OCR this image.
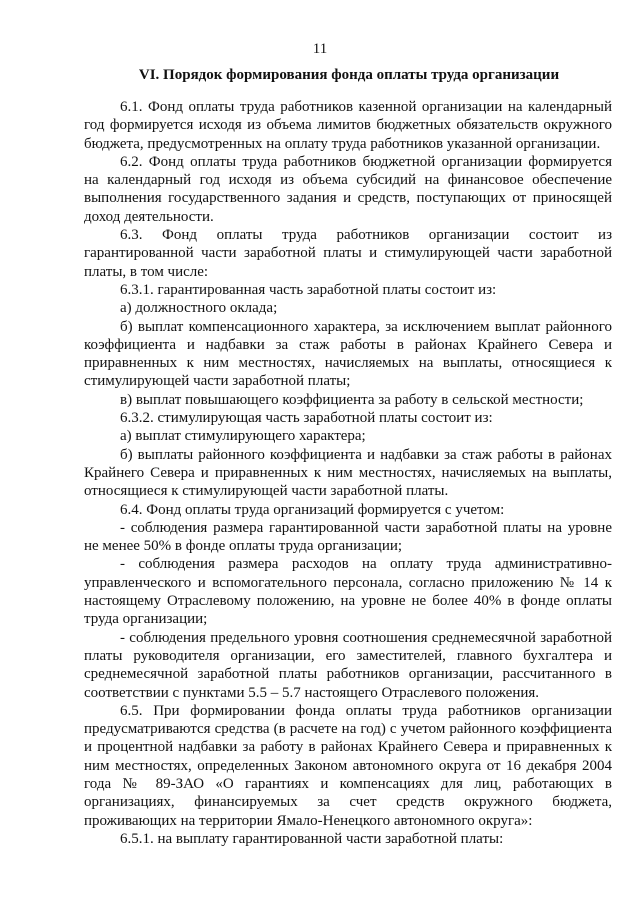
11
VI. Порядок формирования фонда оплаты труда организации

6.1. Фонд оплаты труда работников казенной организации на календарный год формируется исходя из объема лимитов бюджетных обязательств окружного бюджета, предусмотренных на оплату труда работников указанной организации.

6.2. Фонд оплаты труда работников бюджетной организации формируется на календарный год исходя из объема субсидий на финансовое обеспечение выполнения государственного задания и средств, поступающих от приносящей доход деятельности.

6.3. Фонд оплаты труда работников организации состоит из гарантированной части заработной платы и стимулирующей части заработной платы, в том числе:

6.3.1. гарантированная часть заработной платы состоит из:

а) должностного оклада;

б) выплат компенсационного характера, за исключением выплат районного коэффициента и надбавки за стаж работы в районах Крайнего Севера и приравненных к ним местностях, начисляемых на выплаты, относящиеся к стимулирующей части заработной платы;

в) выплат повышающего коэффициента за работу в сельской местности;

6.3.2. стимулирующая часть заработной платы состоит из:

а) выплат стимулирующего характера;

б) выплаты районного коэффициента и надбавки за стаж работы в районах Крайнего Севера и приравненных к ним местностях, начисляемых на выплаты, относящиеся к стимулирующей части заработной платы.

6.4. Фонд оплаты труда организаций формируется с учетом:

- соблюдения размера гарантированной части заработной платы на уровне не менее 50% в фонде оплаты труда организации;

- соблюдения размера расходов на оплату труда административно-управленческого и вспомогательного персонала, согласно приложению № 14 к настоящему Отраслевому положению, на уровне не более 40% в фонде оплаты труда организации;

- соблюдения предельного уровня соотношения среднемесячной заработной платы руководителя организации, его заместителей, главного бухгалтера и среднемесячной заработной платы работников организации, рассчитанного в соответствии с пунктами 5.5 – 5.7 настоящего Отраслевого положения.

6.5. При формировании фонда оплаты труда работников организации предусматриваются средства (в расчете на год) с учетом районного коэффициента и процентной надбавки за работу в районах Крайнего Севера и приравненных к ним местностях, определенных Законом автономного округа от 16 декабря 2004 года № 89-ЗАО «О гарантиях и компенсациях для лиц, работающих в организациях, финансируемых за счет средств окружного бюджета, проживающих на территории Ямало-Ненецкого автономного округа»:

6.5.1. на выплату гарантированной части заработной платы:
